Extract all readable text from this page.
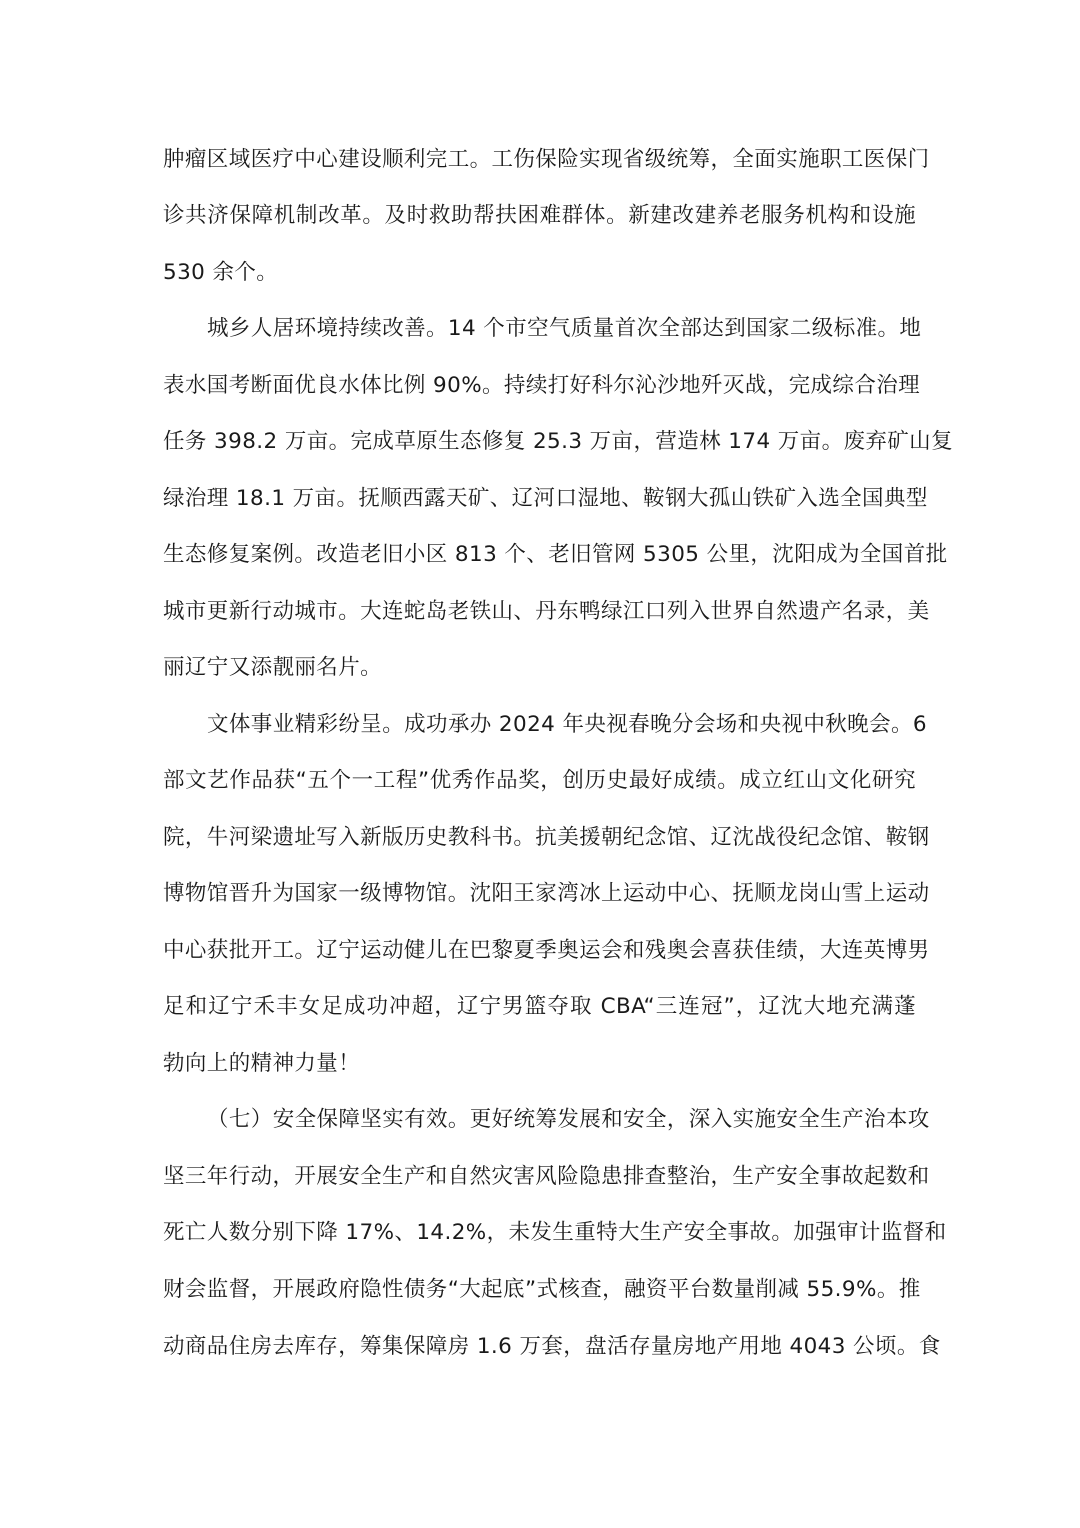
肿瘤区域医疗中心建设顺利完工。工伤保险实现省级统筹，全面实施职工医保门
诊共济保障机制改革。及时救助帮扶困难群体。新建改建养老服务机构和设施
530 余个。
城乡人居环境持续改善。14 个市空气质量首次全部达到国家二级标准。地
表水国考断面优良水体比例 90%。持续打好科尔沁沙地歼灭战，完成综合治理
任务 398.2 万亩。完成草原生态修复 25.3 万亩，营造林 174 万亩。废弃矿山复
绿治理 18.1 万亩。抚顺西露天矿、辽河口湿地、鞍钢大孤山铁矿入选全国典型
生态修复案例。改造老旧小区 813 个、老旧管网 5305 公里，沈阳成为全国首批
城市更新行动城市。大连蛇岛老铁山、丹东鸭绿江口列入世界自然遗产名录，美
丽辽宁又添靓丽名片。
文体事业精彩纷呈。成功承办 2024 年央视春晚分会场和央视中秋晚会。6
部文艺作品获“五个一工程”优秀作品奖，创历史最好成绩。成立红山文化研究
院，牛河梁遗址写入新版历史教科书。抗美援朝纪念馆、辽沈战役纪念馆、鞍钢
博物馆晋升为国家一级博物馆。沈阳王家湾冰上运动中心、抚顺龙岗山雪上运动
中心获批开工。辽宁运动健儿在巴黎夏季奥运会和残奥会喜获佳绩，大连英博男
足和辽宁禾丰女足成功冲超，辽宁男篮夺取 CBA“三连冠”，辽沈大地充满蓬
勃向上的精神力量！
（七）安全保障坚实有效。更好统筹发展和安全，深入实施安全生产治本攻
坚三年行动，开展安全生产和自然灾害风险隐患排查整治，生产安全事故起数和
死亡人数分别下降 17%、14.2%，未发生重特大生产安全事故。加强审计监督和
财会监督，开展政府隐性债务“大起底”式核查，融资平台数量削减 55.9%。推
动商品住房去库存，筹集保障房 1.6 万套，盘活存量房地产用地 4043 公顷。食
